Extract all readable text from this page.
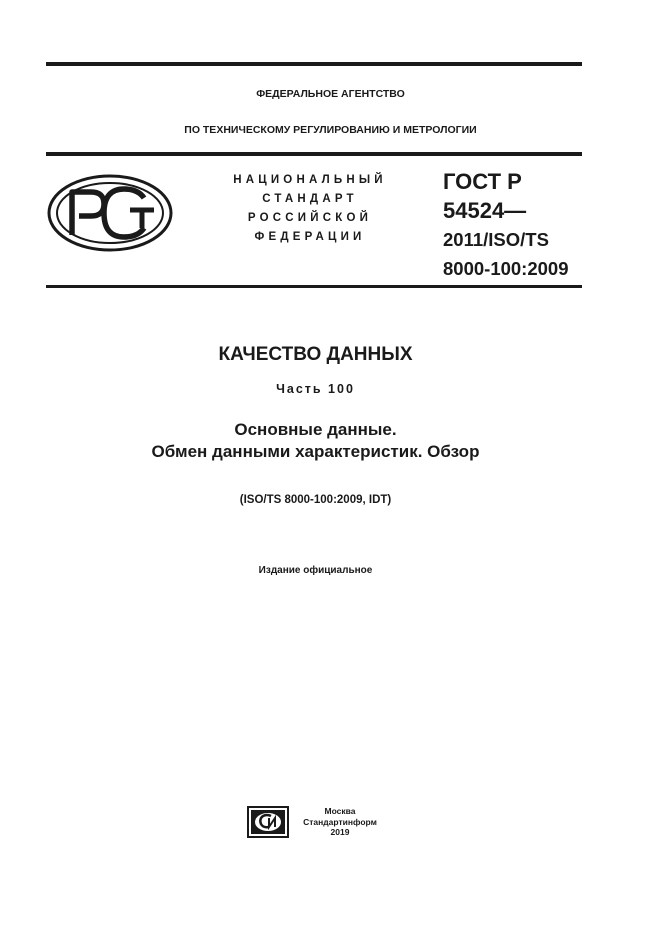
ФЕДЕРАЛЬНОЕ АГЕНТСТВО
ПО ТЕХНИЧЕСКОМУ РЕГУЛИРОВАНИЮ И МЕТРОЛОГИИ
НАЦИОНАЛЬНЫЙ
СТАНДАРТ
РОССИЙСКОЙ
ФЕДЕРАЦИИ
ГОСТ Р
54524—
2011/ISO/TS
8000-100:2009
КАЧЕСТВО ДАННЫХ
Часть 100
Основные данные.
Обмен данными характеристик. Обзор
(ISO/TS 8000-100:2009, IDT)
Издание официальное
Москва
Стандартинформ
2019
